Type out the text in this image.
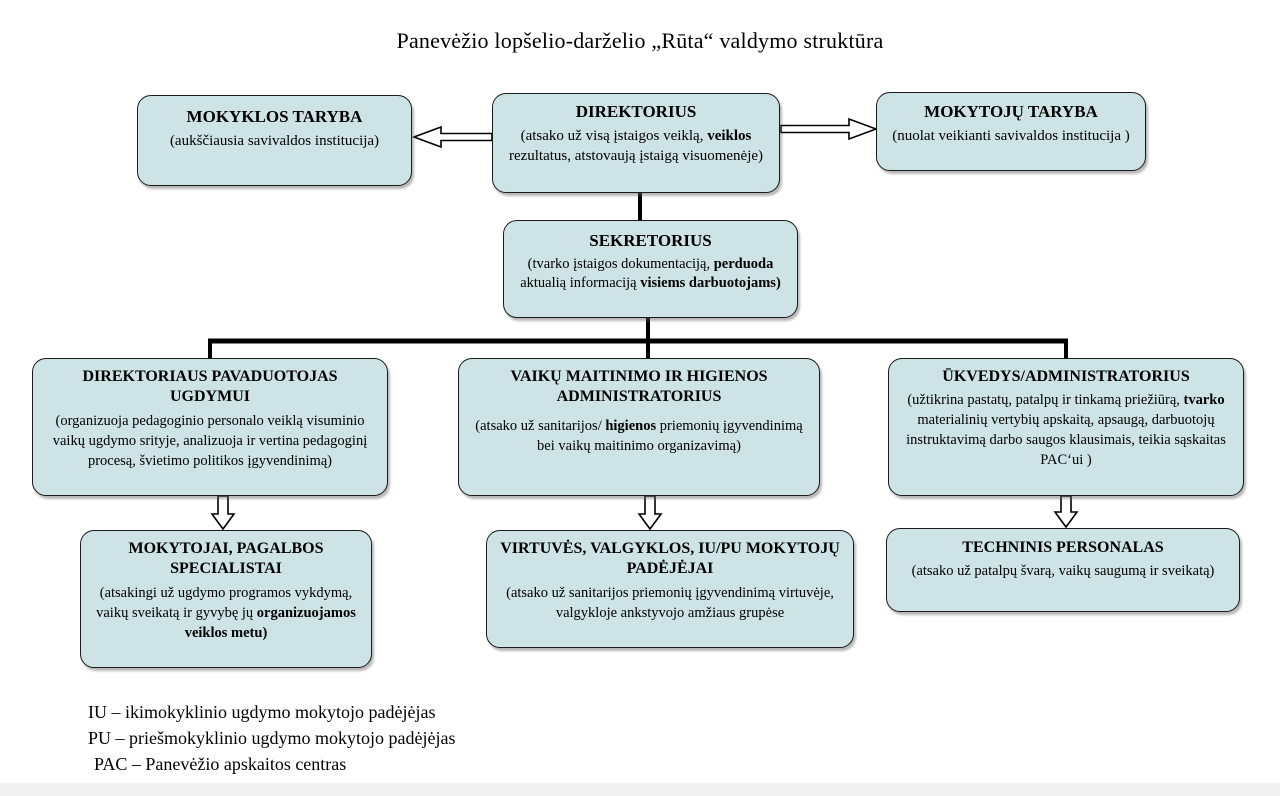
Panevėžio lopšelio-darželio „Rūta“ valdymo struktūra
MOKYKLOS TARYBA
(aukščiausia savivaldos institucija)
DIREKTORIUS
(atsako už visą įstaigos veiklą, veiklos rezultatus, atstovaują įstaigą visuomenėje)
MOKYTOJŲ TARYBA
(nuolat veikianti savivaldos institucija )
SEKRETORIUS
(tvarko įstaigos dokumentaciją, perduoda aktualią informaciją visiems darbuotojams)
DIREKTORIAUS PAVADUOTOJAS UGDYMUI
(organizuoja pedagoginio personalo veiklą visuminio vaikų ugdymo srityje, analizuoja ir vertina pedagoginį procesą, švietimo politikos įgyvendinimą)
VAIKŲ MAITINIMO IR HIGIENOS ADMINISTRATORIUS
(atsako už sanitarijos/ higienos priemonių įgyvendinimą bei vaikų maitinimo organizavimą)
ŪKVEDYS/ADMINISTRATORIUS
(užtikrina pastatų, patalpų ir tinkamą priežiūrą, tvarko materialinių vertybių apskaitą, apsaugą, darbuotojų instruktavimą darbo saugos klausimais, teikia sąskaitas PAC‘ui )
MOKYTOJAI, PAGALBOS SPECIALISTAI
(atsakingi už ugdymo programos vykdymą, vaikų sveikatą ir gyvybę jų organizuojamos veiklos metu)
VIRTUVĖS, VALGYKLOS, IU/PU MOKYTOJŲ PADĖJĖJAI
(atsako už sanitarijos priemonių įgyvendinimą virtuvėje, valgykloje ankstyvojo amžiaus grupėse
TECHNINIS PERSONALAS
(atsako už patalpų švarą, vaikų saugumą ir sveikatą)
IU – ikimokyklinio ugdymo mokytojo padėjėjas
PU – priešmokyklinio ugdymo mokytojo padėjėjas
PAC – Panevėžio apskaitos centras
